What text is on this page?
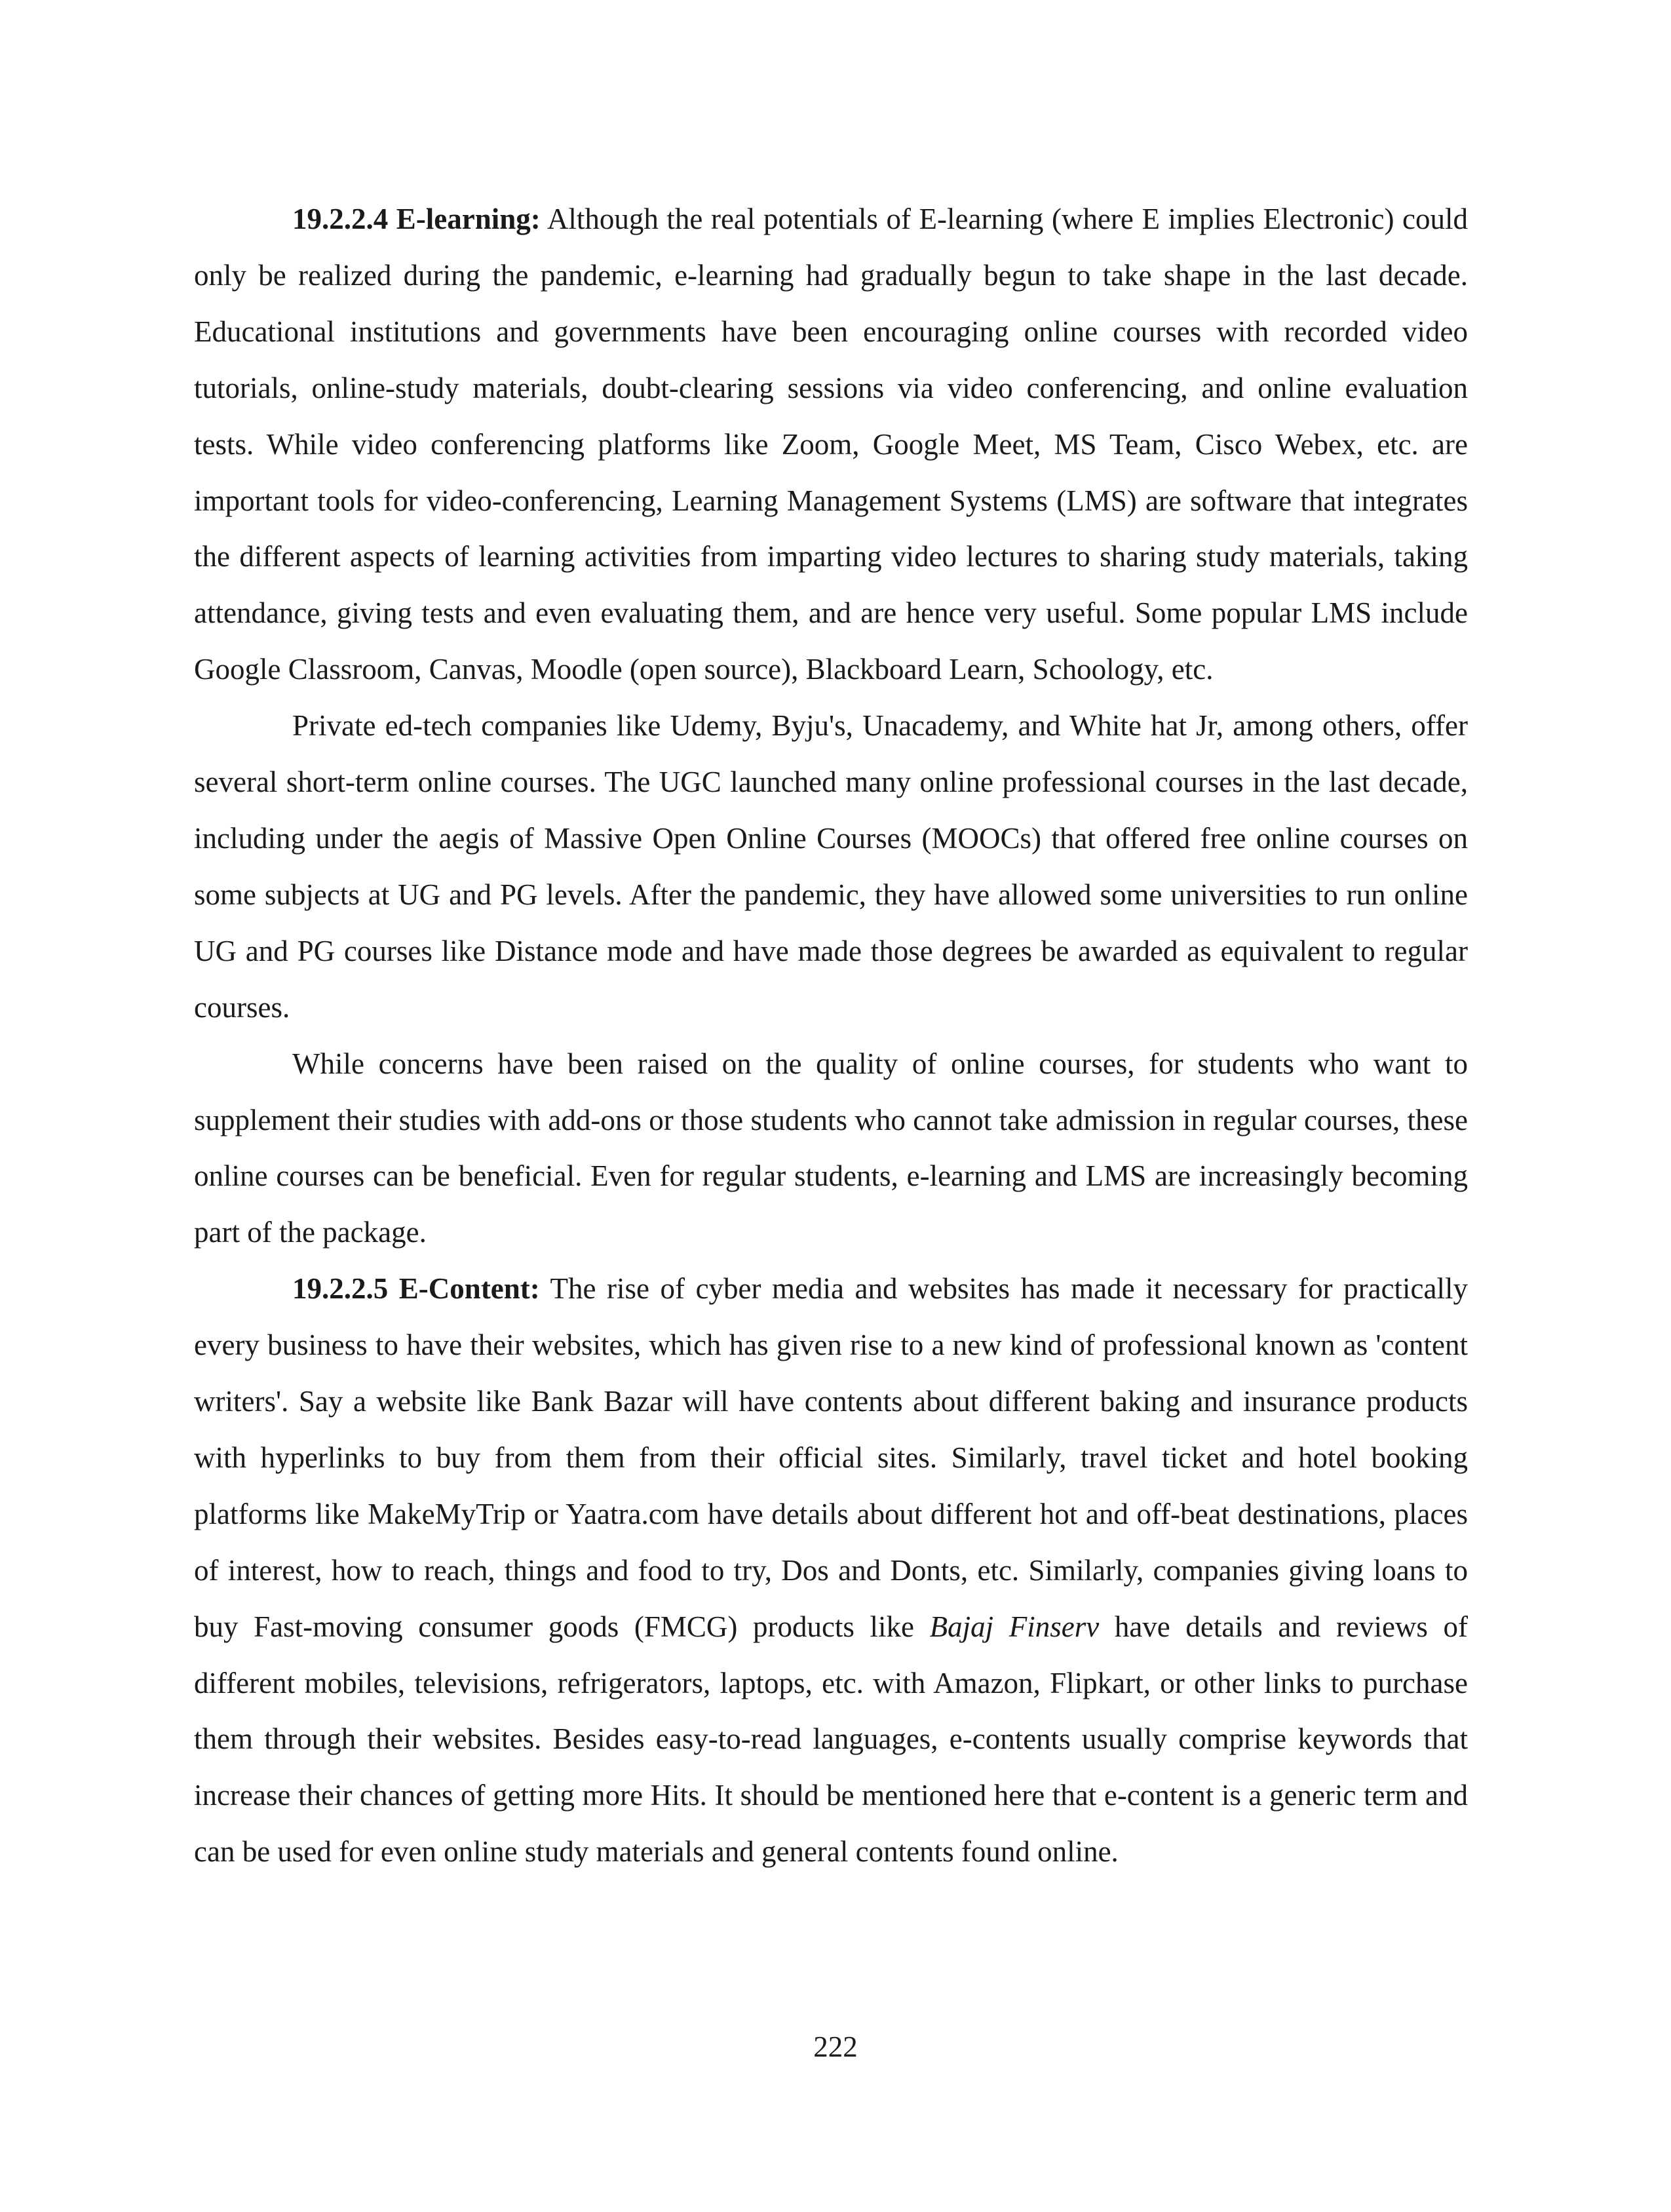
19.2.2.4 E-learning: Although the real potentials of E-learning (where E implies Electronic) could only be realized during the pandemic, e-learning had gradually begun to take shape in the last decade. Educational institutions and governments have been encouraging online courses with recorded video tutorials, online-study materials, doubt-clearing sessions via video conferencing, and online evaluation tests. While video conferencing platforms like Zoom, Google Meet, MS Team, Cisco Webex, etc. are important tools for video-conferencing, Learning Management Systems (LMS) are software that integrates the different aspects of learning activities from imparting video lectures to sharing study materials, taking attendance, giving tests and even evaluating them, and are hence very useful. Some popular LMS include Google Classroom, Canvas, Moodle (open source), Blackboard Learn, Schoology, etc.

Private ed-tech companies like Udemy, Byju's, Unacademy, and White hat Jr, among others, offer several short-term online courses. The UGC launched many online professional courses in the last decade, including under the aegis of Massive Open Online Courses (MOOCs) that offered free online courses on some subjects at UG and PG levels. After the pandemic, they have allowed some universities to run online UG and PG courses like Distance mode and have made those degrees be awarded as equivalent to regular courses.

While concerns have been raised on the quality of online courses, for students who want to supplement their studies with add-ons or those students who cannot take admission in regular courses, these online courses can be beneficial. Even for regular students, e-learning and LMS are increasingly becoming part of the package.

19.2.2.5 E-Content: The rise of cyber media and websites has made it necessary for practically every business to have their websites, which has given rise to a new kind of professional known as 'content writers'. Say a website like Bank Bazar will have contents about different baking and insurance products with hyperlinks to buy from them from their official sites. Similarly, travel ticket and hotel booking platforms like MakeMyTrip or Yaatra.com have details about different hot and off-beat destinations, places of interest, how to reach, things and food to try, Dos and Donts, etc. Similarly, companies giving loans to buy Fast-moving consumer goods (FMCG) products like Bajaj Finserv have details and reviews of different mobiles, televisions, refrigerators, laptops, etc. with Amazon, Flipkart, or other links to purchase them through their websites. Besides easy-to-read languages, e-contents usually comprise keywords that increase their chances of getting more Hits. It should be mentioned here that e-content is a generic term and can be used for even online study materials and general contents found online.

222
